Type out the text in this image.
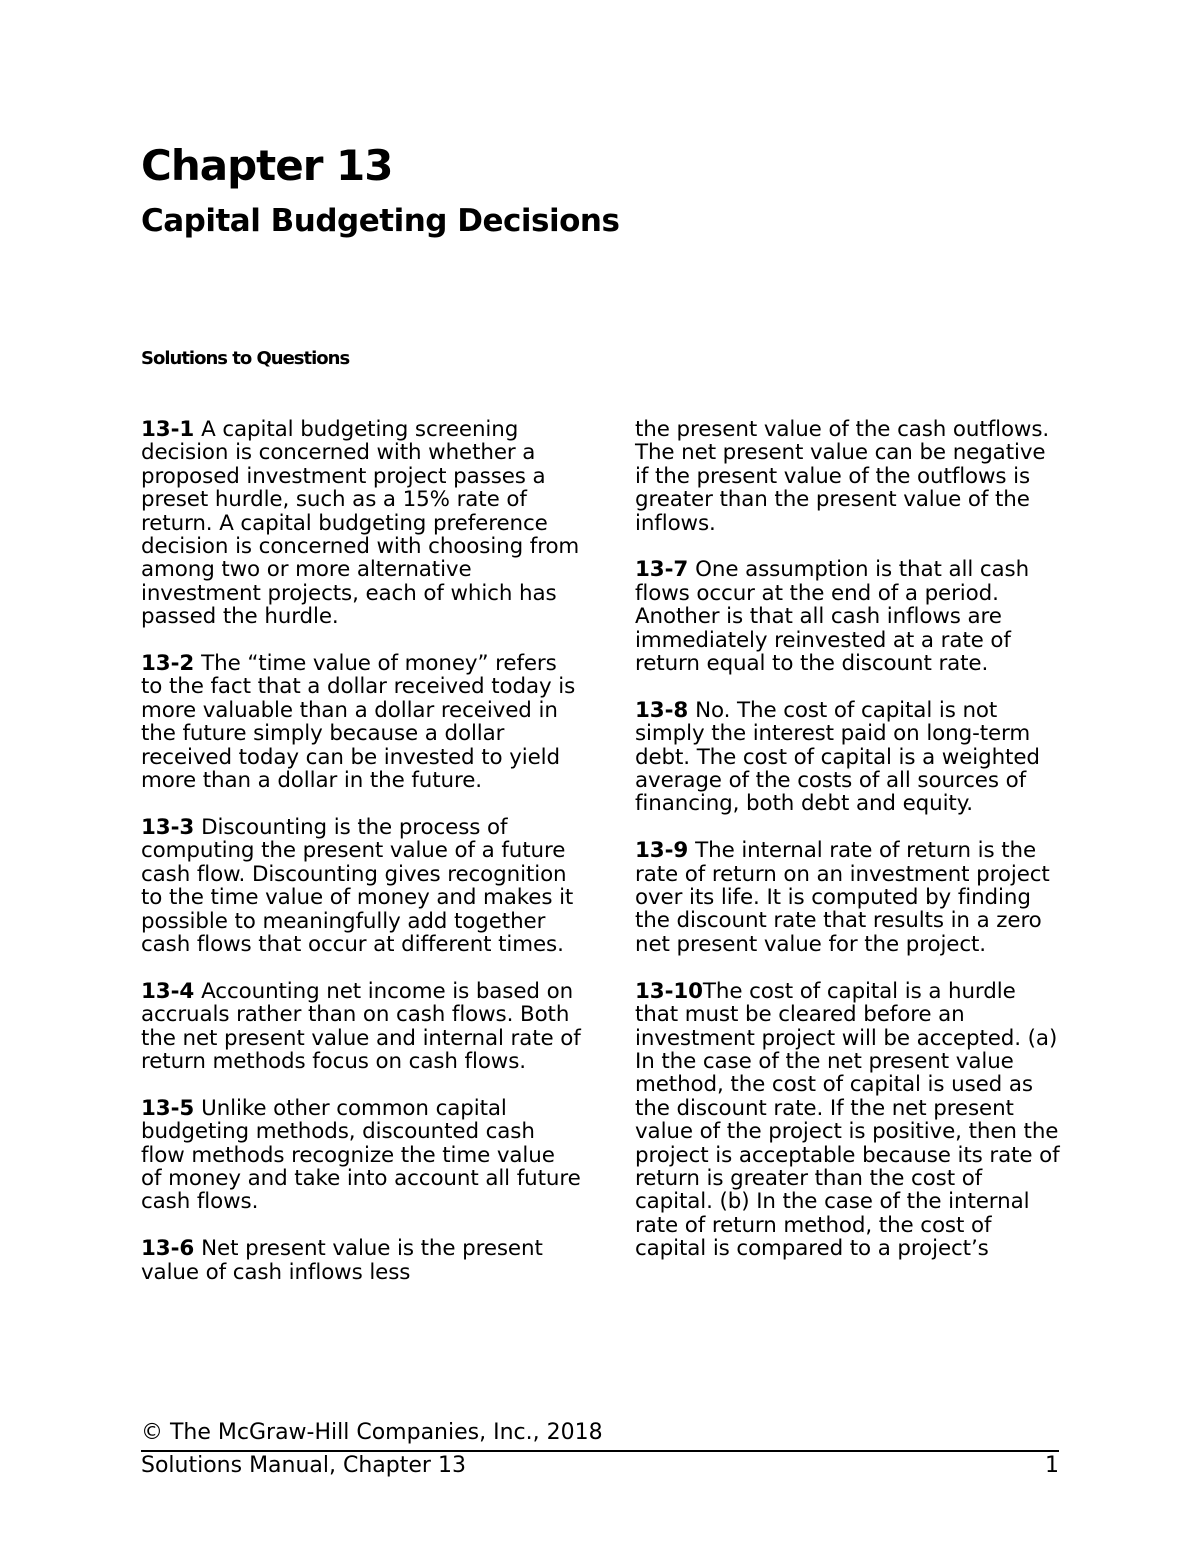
Chapter 13
Capital Budgeting Decisions
Solutions to Questions

13-1 A capital budgeting screening decision is concerned with whether a proposed investment project passes a preset hurdle, such as a 15% rate of return. A capital budgeting preference decision is concerned with choosing from among two or more alternative investment projects, each of which has passed the hurdle.

13-2 The “time value of money” refers to the fact that a dollar received today is more valuable than a dollar received in the future simply because a dollar received today can be invested to yield more than a dollar in the future.

13-3 Discounting is the process of computing the present value of a future cash flow. Discounting gives recognition to the time value of money and makes it possible to meaningfully add together cash flows that occur at different times.

13-4 Accounting net income is based on accruals rather than on cash flows. Both the net present value and internal rate of return methods focus on cash flows.

13-5 Unlike other common capital budgeting methods, discounted cash flow methods recognize the time value of money and take into account all future cash flows.

13-6 Net present value is the present value of cash inflows less

the present value of the cash outflows. The net present value can be negative if the present value of the outflows is greater than the present value of the inflows.

13-7 One assumption is that all cash flows occur at the end of a period. Another is that all cash inflows are immediately reinvested at a rate of return equal to the discount rate.

13-8 No. The cost of capital is not simply the interest paid on long-term debt. The cost of capital is a weighted average of the costs of all sources of financing, both debt and equity.

13-9 The internal rate of return is the rate of return on an investment project over its life. It is computed by finding the discount rate that results in a zero net present value for the project.

13-10The cost of capital is a hurdle that must be cleared before an investment project will be accepted. (a) In the case of the net present value method, the cost of capital is used as the discount rate. If the net present value of the project is positive, then the project is acceptable because its rate of return is greater than the cost of capital. (b) In the case of the internal rate of return method, the cost of capital is compared to a project’s

© The McGraw-Hill Companies, Inc., 2018
Solutions Manual, Chapter 13	1
